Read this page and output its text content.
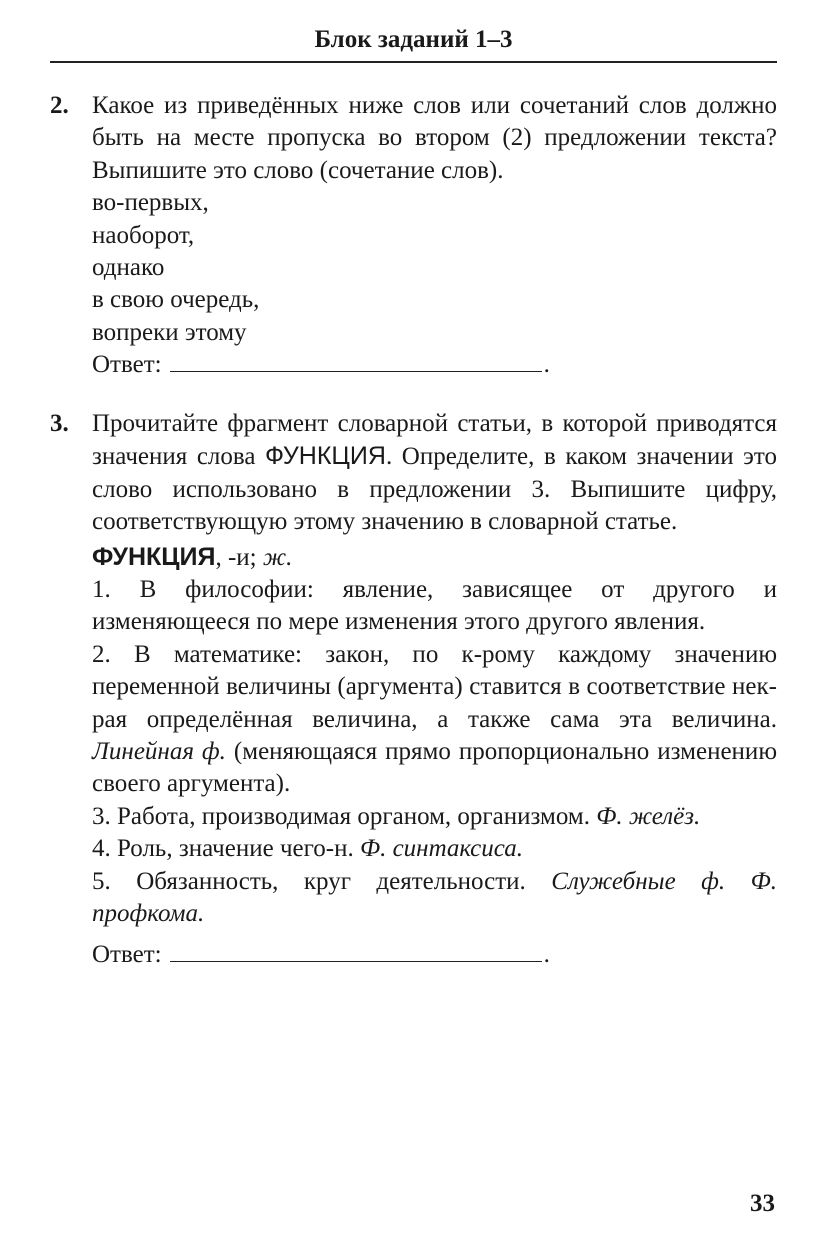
Блок заданий 1–3
2. Какое из приведённых ниже слов или сочетаний слов должно быть на месте пропуска во втором (2) предложении текста? Выпишите это слово (сочетание слов).

во-первых,

наоборот,

однако

в свою очередь,

вопреки этому

Ответ:	.

3. Прочитайте фрагмент словарной статьи, в которой приводятся значения слова ФУНКЦИЯ. Определите, в каком значении это слово использовано в предложении 3. Выпишите цифру, соответствующую этому значению в словарной статье.

ФУНКЦИЯ, -и; ж.

1. В философии: явление, зависящее от другого и изменяющееся по мере изменения этого другого явления.

2. В математике: закон, по к-рому каждому значению переменной величины (аргумента) ставится в соответствие нек-рая определённая величина, а также сама эта величина. Линейная ф. (меняющаяся прямо пропорционально изменению своего аргумента).

3. Работа, производимая органом, организмом. Ф. желёз.

4. Роль, значение чего-н. Ф. синтаксиса.

5. Обязанность, круг деятельности. Служебные ф. Ф. профкома.

Ответ:	.

33
